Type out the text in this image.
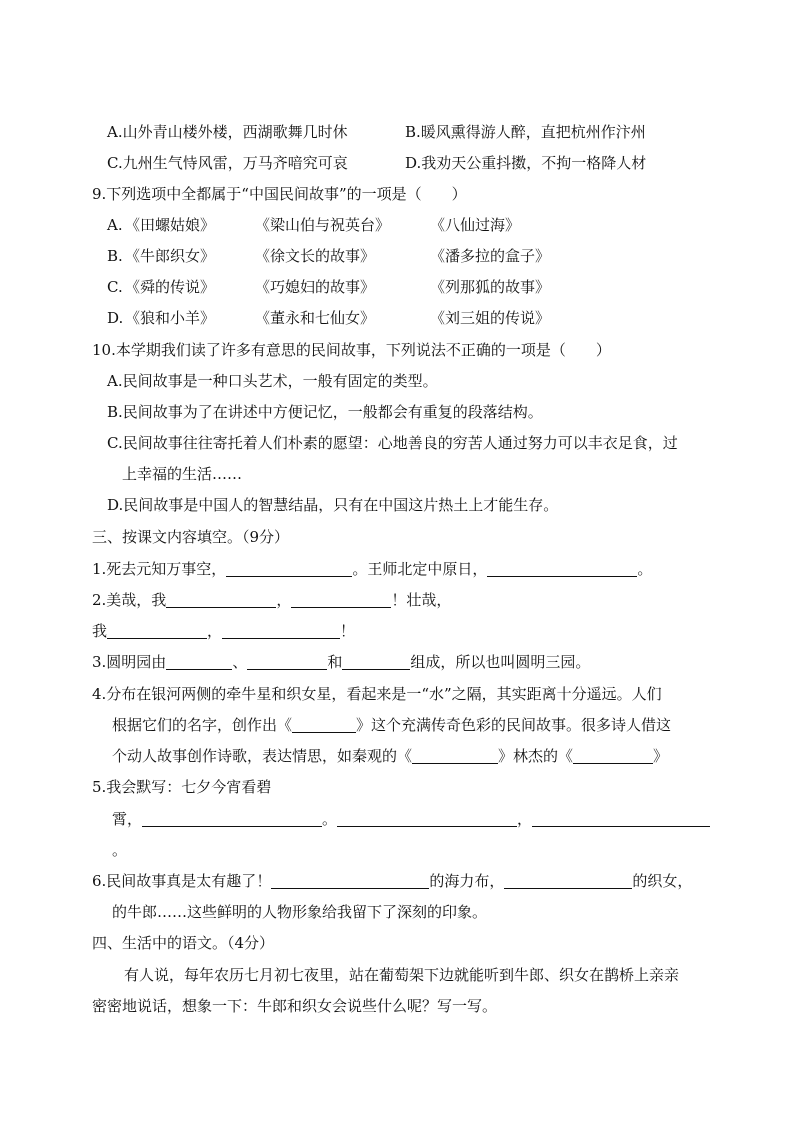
A.山外青山楼外楼，西湖歌舞几时休	B.暖风熏得游人醉，直把杭州作汴州
C.九州生气恃风雷，万马齐喑究可哀	D.我劝天公重抖擞，不拘一格降人材
9.下列选项中全都属于“中国民间故事”的一项是（　　）
A. 《田螺姑娘》	《梁山伯与祝英台》	《八仙过海》
B. 《牛郎织女》	《徐文长的故事》	《潘多拉的盒子》
C. 《舜的传说》	《巧媳妇的故事》	《列那狐的故事》
D. 《狼和小羊》	《董永和七仙女》	《刘三姐的传说》
10.本学期我们读了许多有意思的民间故事，下列说法不正确的一项是（　　）
A.民间故事是一种口头艺术，一般有固定的类型。
B.民间故事为了在讲述中方便记忆，一般都会有重复的段落结构。
C.民间故事往往寄托着人们朴素的愿望：心地善良的穷苦人通过努力可以丰衣足食，过
上幸福的生活……
D.民间故事是中国人的智慧结晶，只有在中国这片热土上才能生存。
三、按课文内容填空。（9分）
1.死去元知万事空，	。王师北定中原日，	。
2.美哉，我	，	！壮哉，
我	，	！
3.圆明园由	、	和	组成，所以也叫圆明三园。
4.分布在银河两侧的牵牛星和织女星，看起来是一“水”之隔，其实距离十分遥远。人们
根据它们的名字，创作出《	》这个充满传奇色彩的民间故事。很多诗人借这
个动人故事创作诗歌，表达情思，如秦观的《	》林杰的《	》
5.我会默写：七夕今宵看碧
霄，	。	，
。
6.民间故事真是太有趣了！	的海力布，	的织女，
的牛郎……这些鲜明的人物形象给我留下了深刻的印象。
四、生活中的语文。（4分）
有人说，每年农历七月初七夜里，站在葡萄架下边就能听到牛郎、织女在鹊桥上亲亲
密密地说话，想象一下：牛郎和织女会说些什么呢？写一写。
